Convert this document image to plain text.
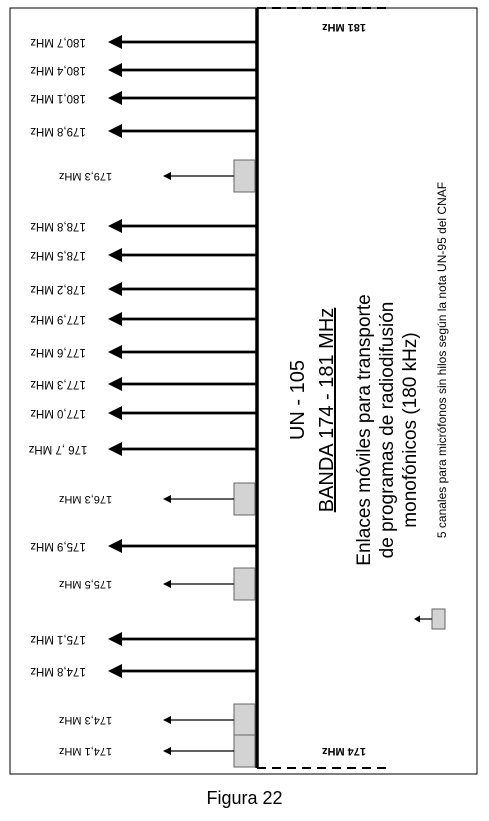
181 MHz
174 MHz
180,7 MHz
180,4 MHz
180,1 MHz
179,8 MHz
179,3 MHz
178,8 MHz
178,5 MHz
178,2 MHz
177,9 MHz
177,6 MHz
177,3 MHz
177,0 MHz
176 ,7 MHz
176,3 MHz
175,9 MHz
175,5 MHz
175,1 MHz
174,8 MHz
174,3 MHz
174,1 MHz
UN - 105 BANDA 174 - 181 MHz Enlaces móviles para transporte de programas de radiodifusión monofónicos (180 kHz) 5 canales para micrófonos sin hilos según la nota UN-95 del CNAF
Figura 22
